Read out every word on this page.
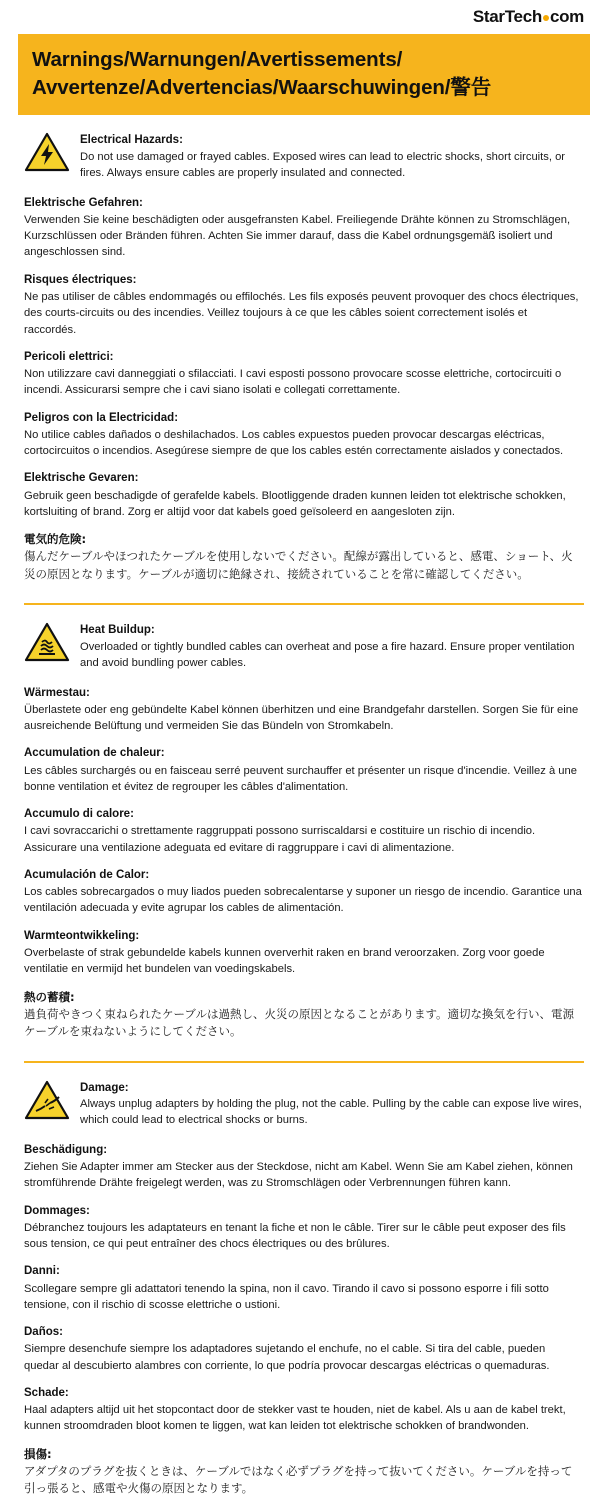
StarTech com
Warnings/Warnungen/Avertissements/
Avvertenze/Advertencias/Waarschuwingen/警告
Electrical Hazards:
Do not use damaged or frayed cables. Exposed wires can lead to electric shocks, short circuits, or fires. Always ensure cables are properly insulated and connected.
Elektrische Gefahren:
Verwenden Sie keine beschädigten oder ausgefransten Kabel. Freiliegende Drähte können zu Stromschlägen, Kurzschlüssen oder Bränden führen. Achten Sie immer darauf, dass die Kabel ordnungsgemäß isoliert und angeschlossen sind.
Risques électriques:
Ne pas utiliser de câbles endommagés ou effilochés. Les fils exposés peuvent provoquer des chocs électriques, des courts-circuits ou des incendies. Veillez toujours à ce que les câbles soient correctement isolés et raccordés.
Pericoli elettrici:
Non utilizzare cavi danneggiati o sfilacciati. I cavi esposti possono provocare scosse elettriche, cortocircuiti o incendi. Assicurarsi sempre che i cavi siano isolati e collegati correttamente.
Peligros con la Electricidad:
No utilice cables dañados o deshilachados. Los cables expuestos pueden provocar descargas eléctricas, cortocircuitos o incendios. Asegúrese siempre de que los cables estén correctamente aislados y conectados.
Elektrische Gevaren:
Gebruik geen beschadigde of gerafelde kabels. Blootliggende draden kunnen leiden tot elektrische schokken, kortsluiting of brand. Zorg er altijd voor dat kabels goed geïsoleerd en aangesloten zijn.
電気的危険:
傷んだケーブルやほつれたケーブルを使用しないでください。配線が露出していると、感電、ショート、火災の原因となります。ケーブルが適切に絶縁され、接続されていることを常に確認してください。
Heat Buildup:
Overloaded or tightly bundled cables can overheat and pose a fire hazard. Ensure proper ventilation and avoid bundling power cables.
Wärmestau:
Überlastete oder eng gebündelte Kabel können überhitzen und eine Brandgefahr darstellen. Sorgen Sie für eine ausreichende Belüftung und vermeiden Sie das Bündeln von Stromkabeln.
Accumulation de chaleur:
Les câbles surchargés ou en faisceau serré peuvent surchauffer et présenter un risque d'incendie. Veillez à une bonne ventilation et évitez de regrouper les câbles d'alimentation.
Accumulo di calore:
I cavi sovraccarichi o strettamente raggruppati possono surriscaldarsi e costituire un rischio di incendio. Assicurare una ventilazione adeguata ed evitare di raggruppare i cavi di alimentazione.
Acumulación de Calor:
Los cables sobrecargados o muy liados pueden sobrecalentarse y suponer un riesgo de incendio. Garantice una ventilación adecuada y evite agrupar los cables de alimentación.
Warmteontwikkeling:
Overbelaste of strak gebundelde kabels kunnen oververhit raken en brand veroorzaken. Zorg voor goede ventilatie en vermijd het bundelen van voedingskabels.
熱の蓄積:
過負荷やきつく束ねられたケーブルは過熱し、火災の原因となることがあります。適切な換気を行い、電源ケーブルを束ねないようにしてください。
Damage:
Always unplug adapters by holding the plug, not the cable. Pulling by the cable can expose live wires, which could lead to electrical shocks or burns.
Beschädigung:
Ziehen Sie Adapter immer am Stecker aus der Steckdose, nicht am Kabel. Wenn Sie am Kabel ziehen, können stromführende Drähte freigelegt werden, was zu Stromschlägen oder Verbrennungen führen kann.
Dommages:
Débranchez toujours les adaptateurs en tenant la fiche et non le câble. Tirer sur le câble peut exposer des fils sous tension, ce qui peut entraîner des chocs électriques ou des brûlures.
Danni:
Scollegare sempre gli adattatori tenendo la spina, non il cavo. Tirando il cavo si possono esporre i fili sotto tensione, con il rischio di scosse elettriche o ustioni.
Daños:
Siempre desenchufe siempre los adaptadores sujetando el enchufe, no el cable. Si tira del cable, pueden quedar al descubierto alambres con corriente, lo que podría provocar descargas eléctricas o quemaduras.
Schade:
Haal adapters altijd uit het stopcontact door de stekker vast te houden, niet de kabel. Als u aan de kabel trekt, kunnen stroomdraden bloot komen te liggen, wat kan leiden tot elektrische schokken of brandwonden.
損傷:
アダプタのプラグを抜くときは、ケーブルではなく必ずプラグを持って抜いてください。ケーブルを持って引っ張ると、感電や火傷の原因となります。
